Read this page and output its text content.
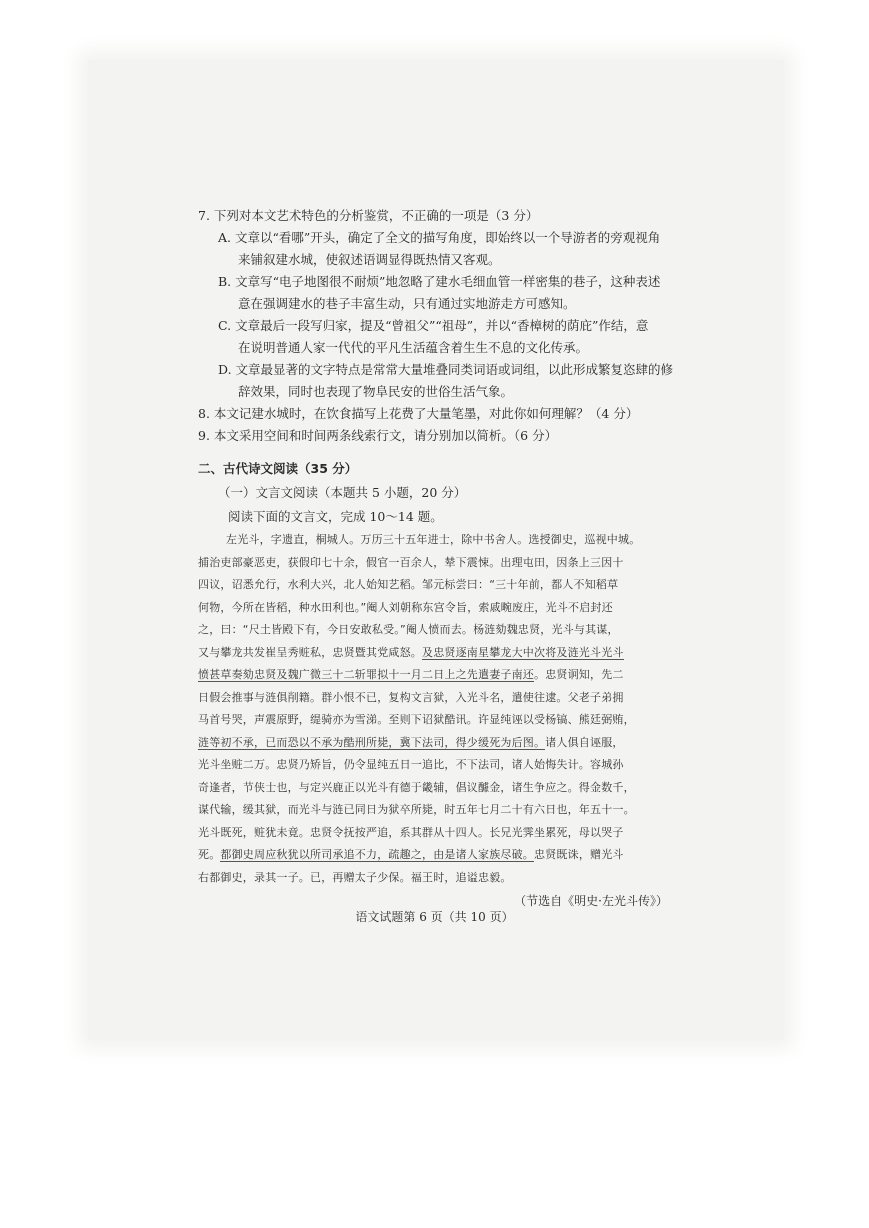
7. 下列对本文艺术特色的分析鉴赏，不正确的一项是（3 分）
A. 文章以“看哪”开头，确定了全文的描写角度，即始终以一个导游者的旁观视角
来铺叙建水城，使叙述语调显得既热情又客观。
B. 文章写“电子地图很不耐烦”地忽略了建水毛细血管一样密集的巷子，这种表述
意在强调建水的巷子丰富生动，只有通过实地游走方可感知。
C. 文章最后一段写归家，提及“曾祖父”“祖母”，并以“香樟树的荫庇”作结，意
在说明普通人家一代代的平凡生活蕴含着生生不息的文化传承。
D. 文章最显著的文字特点是常常大量堆叠同类词语或词组，以此形成繁复恣肆的修
辞效果，同时也表现了物阜民安的世俗生活气象。
8. 本文记建水城时，在饮食描写上花费了大量笔墨，对此你如何理解？（4 分）
9. 本文采用空间和时间两条线索行文，请分别加以简析。（6 分）
二、古代诗文阅读（35 分）
（一）文言文阅读（本题共 5 小题，20 分）
阅读下面的文言文，完成 10～14 题。
左光斗，字遗直，桐城人。万历三十五年进士，除中书舍人。选授御史，巡视中城。
捕治吏部豪恶吏，获假印七十余，假官一百余人，辇下震悚。出理屯田，因条上三因十
四议，诏悉允行，水利大兴，北人始知艺稻。邹元标尝曰：“三十年前，都人不知稻草
何物，今所在皆稻，种水田利也。”阉人刘朝称东宫令旨，索戚畹废庄，光斗不启封还
之，曰：“尺土皆殿下有，今日安敢私受。”阉人愤而去。杨涟劾魏忠贤，光斗与其谋，
又与攀龙共发崔呈秀赃私，忠贤暨其党咸怒。及忠贤逐南星攀龙大中次将及涟光斗光斗
愤甚草奏劾忠贤及魏广微三十二斩罪拟十一月二日上之先遣妻子南还。忠贤诇知，先二
日假会推事与涟俱削籍。群小恨不已，复构文言狱，入光斗名，遣使往逮。父老子弟拥
马首号哭，声震原野，缇骑亦为雪涕。至则下诏狱酷讯。许显纯诬以受杨镐、熊廷弼贿，
涟等初不承，已而恐以不承为酷刑所毙，冀下法司，得少缓死为后图。诸人俱自诬服，
光斗坐赃二万。忠贤乃矫旨，仍令显纯五日一追比，不下法司，诸人始悔失计。容城孙
奇逢者，节侠士也，与定兴鹿正以光斗有德于畿辅，倡议醵金，诸生争应之。得金数千，
谋代输，缓其狱，而光斗与涟已同日为狱卒所毙，时五年七月二十有六日也，年五十一。
光斗既死，赃犹未竟。忠贤令抚按严追，系其群从十四人。长兄光霁坐累死，母以哭子
死。都御史周应秋犹以所司承追不力，疏趣之，由是诸人家族尽破。忠贤既诛，赠光斗
右都御史，录其一子。已，再赠太子少保。福王时，追谥忠毅。
（节选自《明史·左光斗传》）
语文试题第 6 页（共 10 页）
